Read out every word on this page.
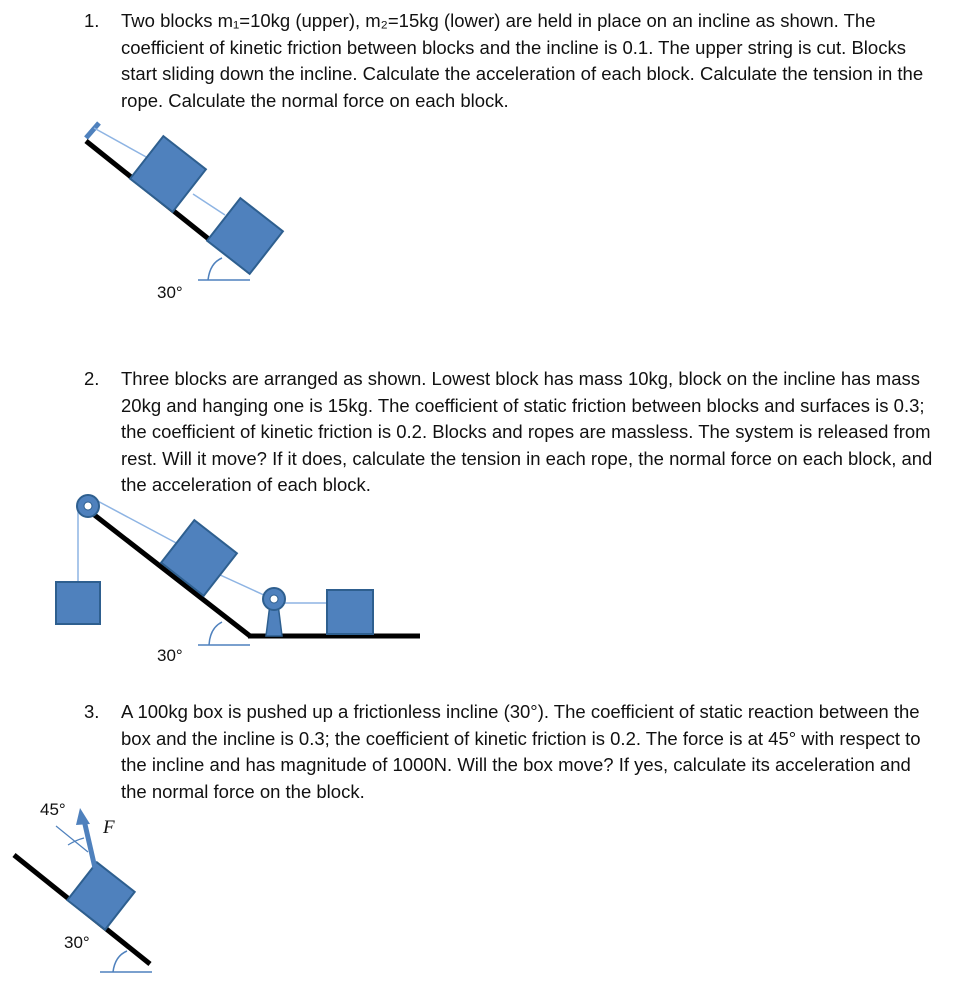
1. Two blocks m₁=10kg (upper), m₂=15kg (lower) are held in place on an incline as shown. The coefficient of kinetic friction between blocks and the incline is 0.1. The upper string is cut. Blocks start sliding down the incline. Calculate the acceleration of each block. Calculate the tension in the rope. Calculate the normal force on each block.
30°
2. Three blocks are arranged as shown. Lowest block has mass 10kg, block on the incline has mass 20kg and hanging one is 15kg. The coefficient of static friction between blocks and surfaces is 0.3; the coefficient of kinetic friction is 0.2. Blocks and ropes are massless. The system is released from rest. Will it move? If it does, calculate the tension in each rope, the normal force on each block, and the acceleration of each block.
30°
3. A 100kg box is pushed up a frictionless incline (30°). The coefficient of static reaction between the box and the incline is 0.3; the coefficient of kinetic friction is 0.2. The force is at 45° with respect to the incline and has magnitude of 1000N. Will the box move? If yes, calculate its acceleration and the normal force on the block.
F
45°
30°
